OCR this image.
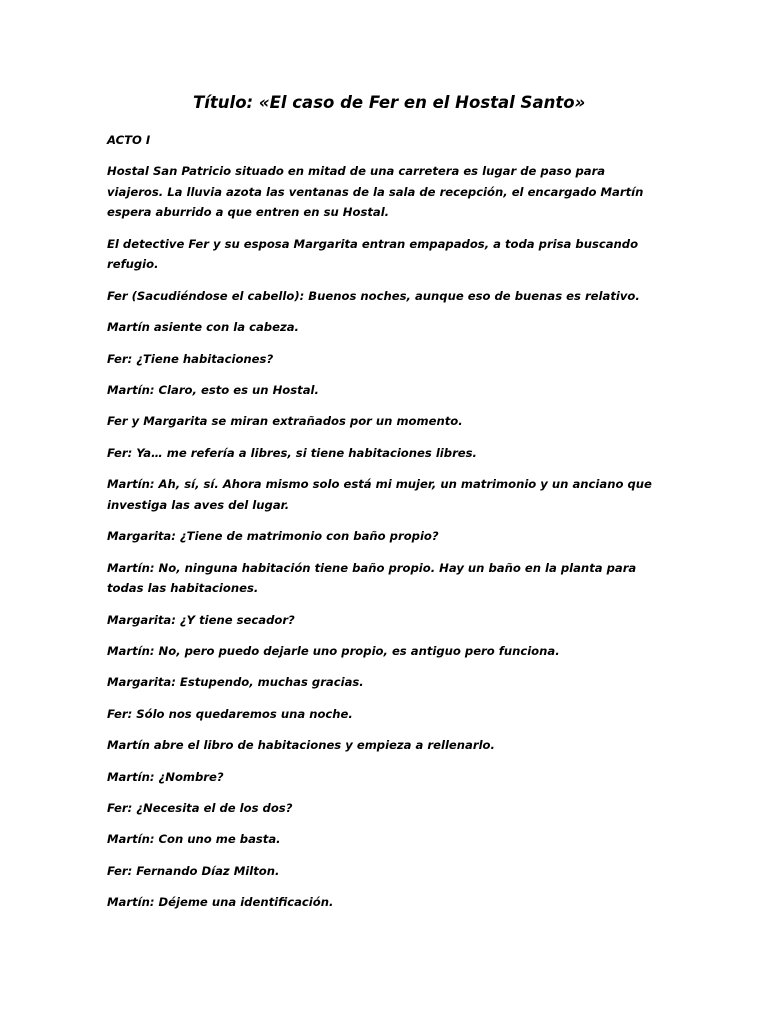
Título: «El caso de Fer en el Hostal Santo»

ACTO I

Hostal San Patricio situado en mitad de una carretera es lugar de paso para viajeros. La lluvia azota las ventanas de la sala de recepción, el encargado Martín espera aburrido a que entren en su Hostal.

El detective Fer y su esposa Margarita entran empapados, a toda prisa buscando refugio.

Fer (Sacudiéndose el cabello): Buenos noches, aunque eso de buenas es relativo.

Martín asiente con la cabeza.

Fer: ¿Tiene habitaciones?

Martín: Claro, esto es un Hostal.

Fer y Margarita se miran extrañados por un momento.

Fer: Ya… me refería a libres, si tiene habitaciones libres.

Martín: Ah, sí, sí. Ahora mismo solo está mi mujer, un matrimonio y un anciano que investiga las aves del lugar.

Margarita: ¿Tiene de matrimonio con baño propio?

Martín: No, ninguna habitación tiene baño propio. Hay un baño en la planta para todas las habitaciones.

Margarita: ¿Y tiene secador?

Martín: No, pero puedo dejarle uno propio, es antiguo pero funciona.

Margarita: Estupendo, muchas gracias.

Fer: Sólo nos quedaremos una noche.

Martín abre el libro de habitaciones y empieza a rellenarlo.

Martín: ¿Nombre?

Fer: ¿Necesita el de los dos?

Martín: Con uno me basta.

Fer: Fernando Díaz Milton.

Martín: Déjeme una identificación.
